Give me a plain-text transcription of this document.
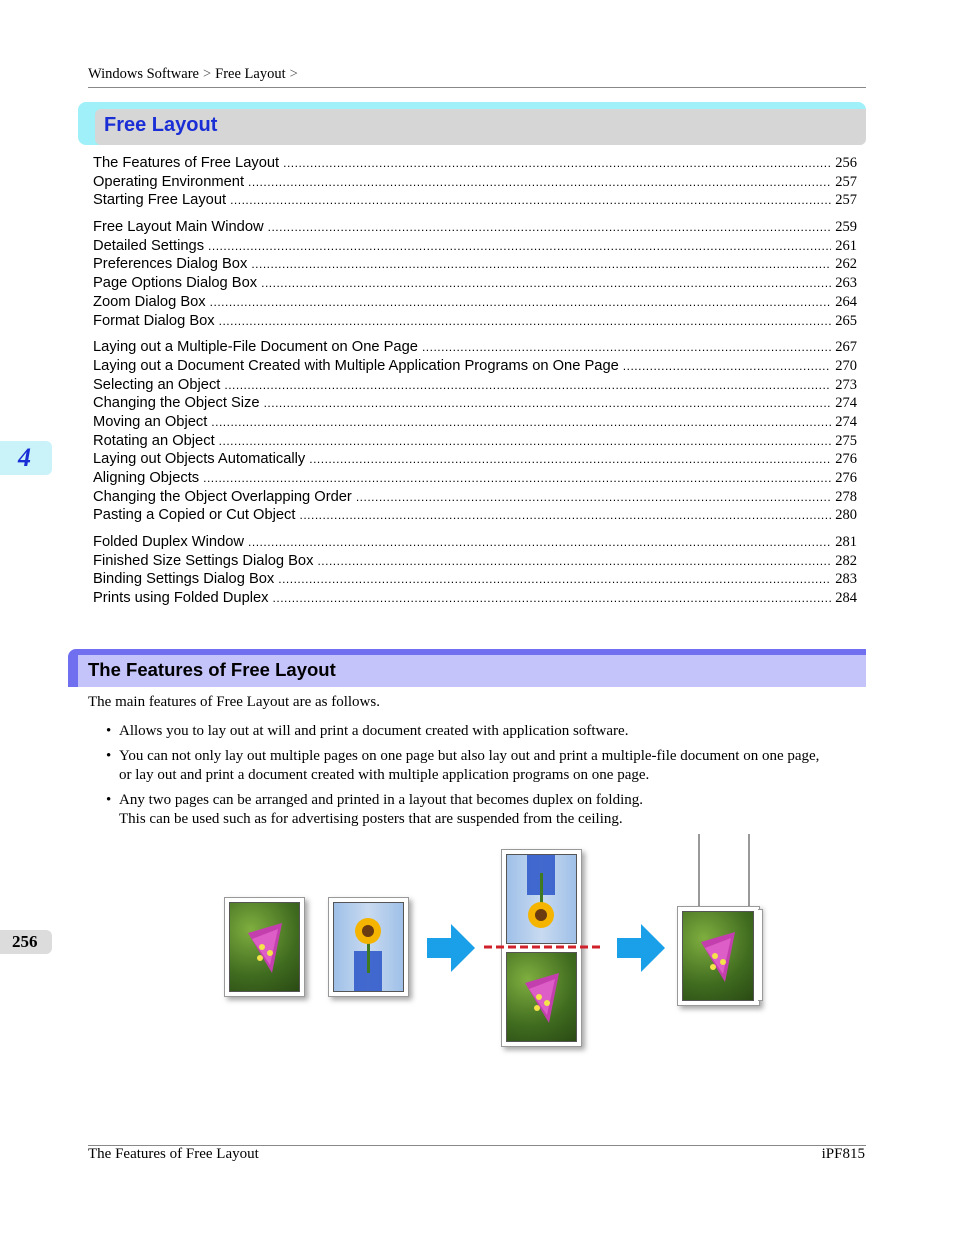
Windows Software > Free Layout >
Free Layout
The Features of Free Layout .....	256
Operating Environment .....	257
Starting Free Layout .....	257
Free Layout Main Window .....	259
Detailed Settings .....	261
Preferences Dialog Box .....	262
Page Options Dialog Box .....	263
Zoom Dialog Box .....	264
Format Dialog Box .....	265
Laying out a Multiple-File Document on One Page .....	267
Laying out a Document Created with Multiple Application Programs on One Page .....	270
Selecting an Object .....	273
Changing the Object Size .....	274
Moving an Object .....	274
Rotating an Object .....	275
Laying out Objects Automatically .....	276
Aligning Objects .....	276
Changing the Object Overlapping Order .....	278
Pasting a Copied or Cut Object .....	280
Folded Duplex Window .....	281
Finished Size Settings Dialog Box .....	282
Binding Settings Dialog Box .....	283
Prints using Folded Duplex .....	284
4
256
The Features of Free Layout
The main features of Free Layout are as follows.
• Allows you to lay out at will and print a document created with application software.
• You can not only lay out multiple pages on one page but also lay out and print a multiple-file document on one page,
or lay out and print a document created with multiple application programs on one page.
• Any two pages can be arranged and printed in a layout that becomes duplex on folding.
This can be used such as for advertising posters that are suspended from the ceiling.
The Features of Free Layout	iPF815
